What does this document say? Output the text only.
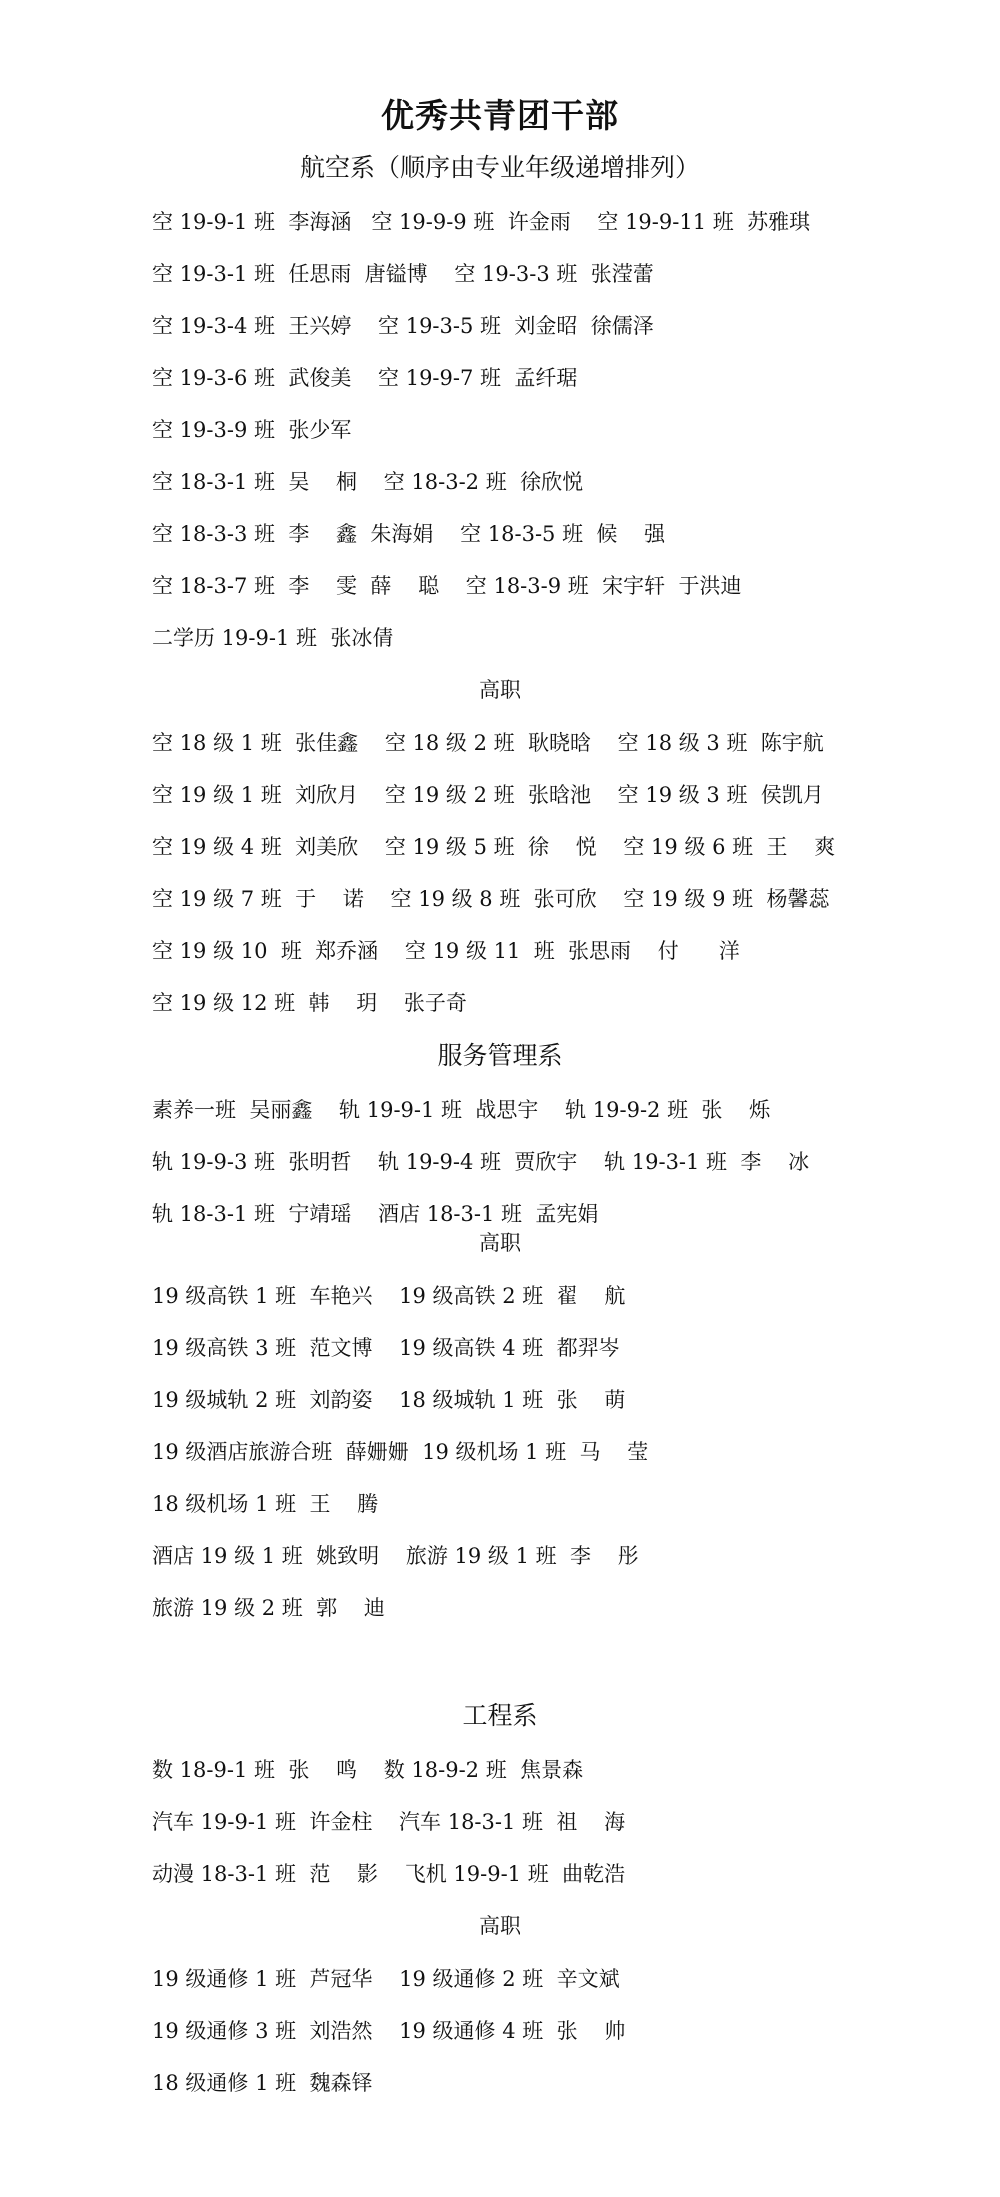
优秀共青团干部
航空系（顺序由专业年级递增排列）
空 19-9-1 班  李海涵   空 19-9-9 班  许金雨    空 19-9-11 班  苏雅琪
空 19-3-1 班  任思雨  唐镒博    空 19-3-3 班  张滢蕾
空 19-3-4 班  王兴婷    空 19-3-5 班  刘金昭  徐儒泽
空 19-3-6 班  武俊美    空 19-9-7 班  孟纤琚
空 19-3-9 班  张少军
空 18-3-1 班  吴    桐    空 18-3-2 班  徐欣悦
空 18-3-3 班  李    鑫  朱海娟    空 18-3-5 班  候    强
空 18-3-7 班  李    雯  薛    聪    空 18-3-9 班  宋宇轩  于洪迪
二学历 19-9-1 班  张冰倩
高职
空 18 级 1 班  张佳鑫    空 18 级 2 班  耿晓晗    空 18 级 3 班  陈宇航
空 19 级 1 班  刘欣月    空 19 级 2 班  张晗池    空 19 级 3 班  侯凯月
空 19 级 4 班  刘美欣    空 19 级 5 班  徐    悦    空 19 级 6 班  王    爽
空 19 级 7 班  于    诺    空 19 级 8 班  张可欣    空 19 级 9 班  杨馨蕊
空 19 级 10  班  郑乔涵    空 19 级 11  班  张思雨    付      洋
空 19 级 12 班  韩    玥    张子奇
服务管理系
素养一班  吴丽鑫    轨 19-9-1 班  战思宇    轨 19-9-2 班  张    烁
轨 19-9-3 班  张明哲    轨 19-9-4 班  贾欣宇    轨 19-3-1 班  李    冰
轨 18-3-1 班  宁靖瑶    酒店 18-3-1 班  孟宪娟
高职
19 级高铁 1 班  车艳兴    19 级高铁 2 班  翟    航
19 级高铁 3 班  范文博    19 级高铁 4 班  都羿岑
19 级城轨 2 班  刘韵姿    18 级城轨 1 班  张    萌
19 级酒店旅游合班  薛姗姗  19 级机场 1 班  马    莹
18 级机场 1 班  王    腾
酒店 19 级 1 班  姚致明    旅游 19 级 1 班  李    彤
旅游 19 级 2 班  郭    迪
工程系
数 18-9-1 班  张    鸣    数 18-9-2 班  焦景森
汽车 19-9-1 班  许金柱    汽车 18-3-1 班  祖    海
动漫 18-3-1 班  范    影    飞机 19-9-1 班  曲乾浩
高职
19 级通修 1 班  芦冠华    19 级通修 2 班  辛文斌
19 级通修 3 班  刘浩然    19 级通修 4 班  张    帅
18 级通修 1 班  魏森铎
